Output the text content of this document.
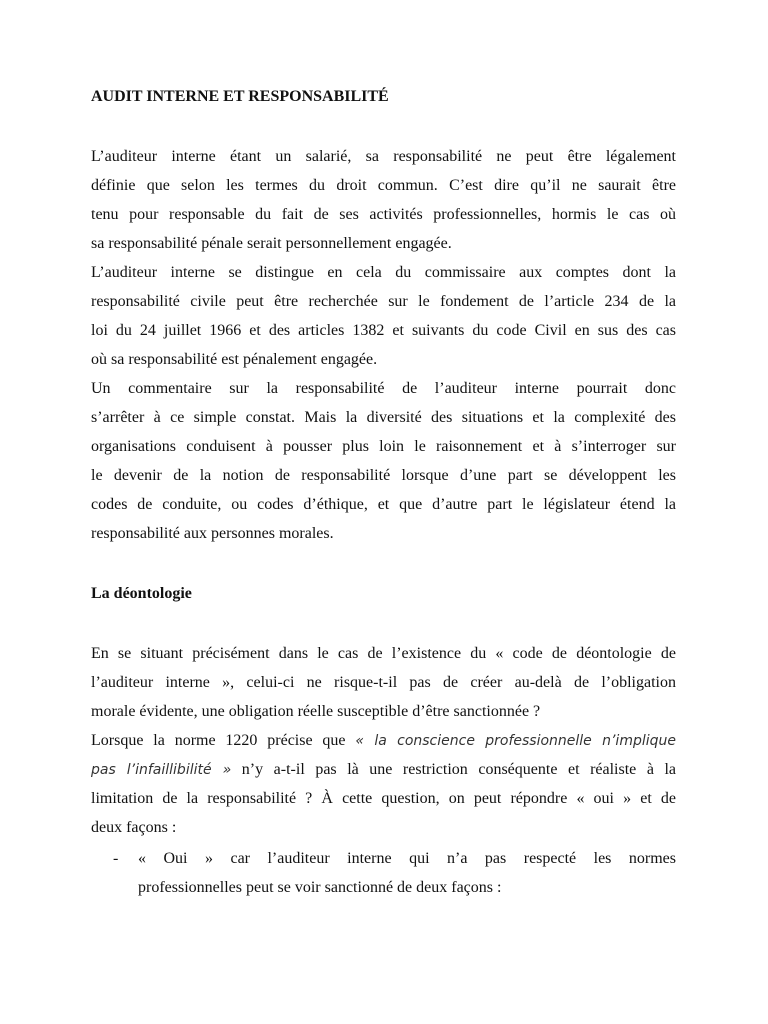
AUDIT INTERNE ET RESPONSABILITÉ
L’auditeur interne étant un salarié, sa responsabilité ne peut être légalement
définie que selon les termes du droit commun. C’est dire qu’il ne saurait être
tenu pour responsable du fait de ses activités professionnelles, hormis le cas où
sa responsabilité pénale serait personnellement engagée.
L’auditeur interne se distingue en cela du commissaire aux comptes dont la
responsabilité civile peut être recherchée sur le fondement de l’article 234 de la
loi du 24 juillet 1966 et des articles 1382 et suivants du code Civil en sus des cas
où sa responsabilité est pénalement engagée.
Un commentaire sur la responsabilité de l’auditeur interne pourrait donc
s’arrêter à ce simple constat. Mais la diversité des situations et la complexité des
organisations conduisent à pousser plus loin le raisonnement et à s’interroger sur
le devenir de la notion de responsabilité lorsque d’une part se développent les
codes de conduite, ou codes d’éthique, et que d’autre part le législateur étend la
responsabilité aux personnes morales.
La déontologie
En se situant précisément dans le cas de l’existence du « code de déontologie de
l’auditeur interne », celui-ci ne risque-t-il pas de créer au-delà de l’obligation
morale évidente, une obligation réelle susceptible d’être sanctionnée ?
Lorsque la norme 1220 précise que « la conscience professionnelle n’implique
pas l’infaillibilité » n’y a-t-il pas là une restriction conséquente et réaliste à la
limitation de la responsabilité ? À cette question, on peut répondre « oui » et de
deux façons :
- « Oui » car l’auditeur interne qui n’a pas respecté les normes
professionnelles peut se voir sanctionné de deux façons :
